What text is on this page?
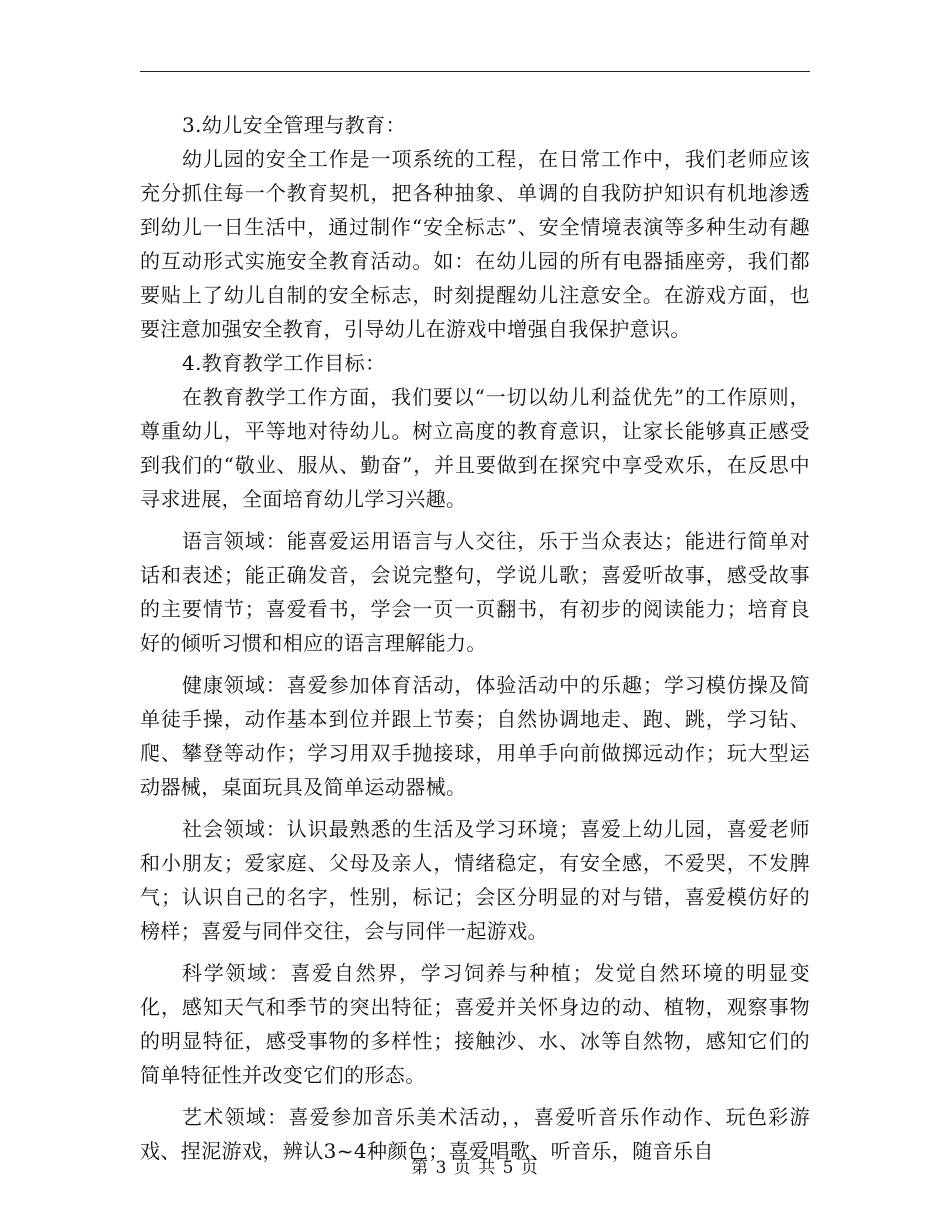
3.幼儿安全管理与教育：

幼儿园的安全工作是一项系统的工程，在日常工作中，我们老师应该充分抓住每一个教育契机，把各种抽象、单调的自我防护知识有机地渗透到幼儿一日生活中，通过制作“安全标志”、安全情境表演等多种生动有趣的互动形式实施安全教育活动。如：在幼儿园的所有电器插座旁，我们都要贴上了幼儿自制的安全标志，时刻提醒幼儿注意安全。在游戏方面，也要注意加强安全教育，引导幼儿在游戏中增强自我保护意识。

4.教育教学工作目标：

在教育教学工作方面，我们要以“一切以幼儿利益优先”的工作原则，尊重幼儿，平等地对待幼儿。树立高度的教育意识，让家长能够真正感受到我们的“敬业、服从、勤奋”，并且要做到在探究中享受欢乐，在反思中寻求进展，全面培育幼儿学习兴趣。

语言领域：能喜爱运用语言与人交往，乐于当众表达；能进行简单对话和表述；能正确发音，会说完整句，学说儿歌；喜爱听故事，感受故事的主要情节；喜爱看书，学会一页一页翻书，有初步的阅读能力；培育良好的倾听习惯和相应的语言理解能力。

健康领域：喜爱参加体育活动，体验活动中的乐趣；学习模仿操及简单徒手操，动作基本到位并跟上节奏；自然协调地走、跑、跳，学习钻、爬、攀登等动作；学习用双手抛接球，用单手向前做掷远动作；玩大型运动器械，桌面玩具及简单运动器械。

社会领域：认识最熟悉的生活及学习环境；喜爱上幼儿园，喜爱老师和小朋友；爱家庭、父母及亲人，情绪稳定，有安全感，不爱哭，不发脾气；认识自己的名字，性别，标记；会区分明显的对与错，喜爱模仿好的榜样；喜爱与同伴交往，会与同伴一起游戏。

科学领域：喜爱自然界，学习饲养与种植；发觉自然环境的明显变化，感知天气和季节的突出特征；喜爱并关怀身边的动、植物，观察事物的明显特征，感受事物的多样性；接触沙、水、冰等自然物，感知它们的简单特征性并改变它们的形态。

艺术领域：喜爱参加音乐美术活动，，喜爱听音乐作动作、玩色彩游戏、捏泥游戏，辨认3~4种颜色；喜爱唱歌、听音乐，随音乐自

第 3 页 共 5 页
